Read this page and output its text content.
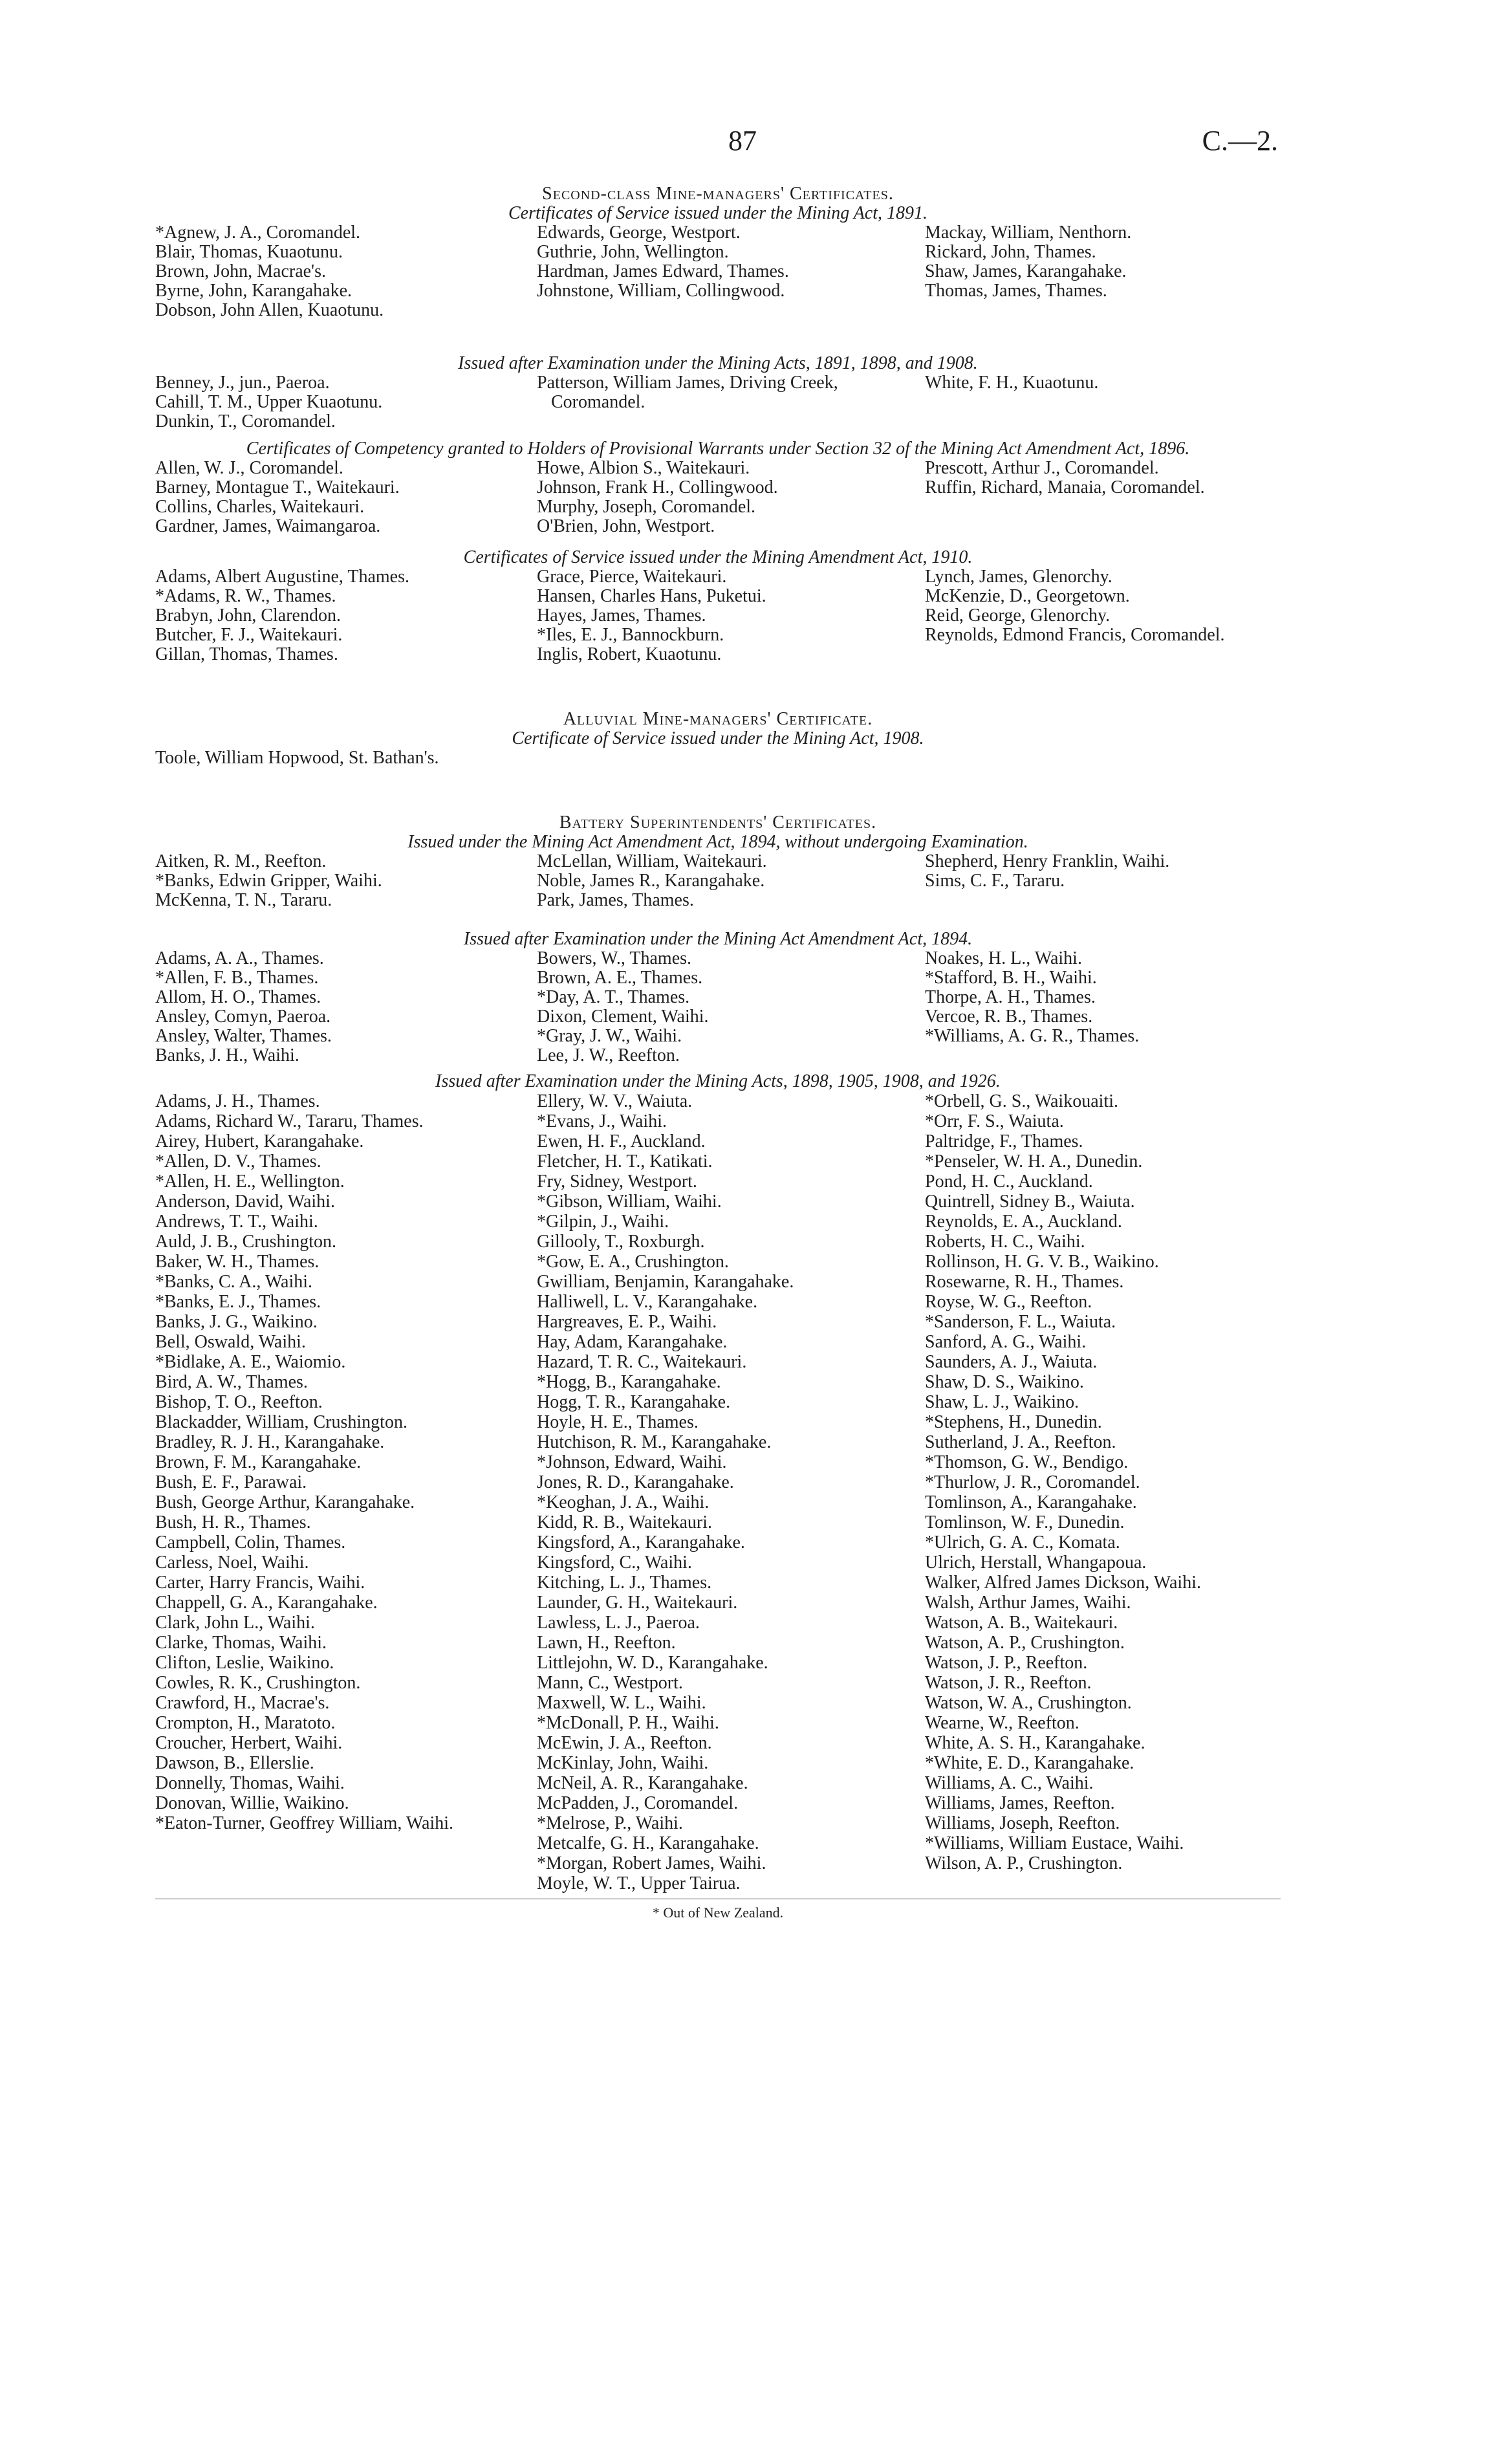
87	C.—2.
Second-class Mine-managers' Certificates.
Certificates of Service issued under the Mining Act, 1891.
*Agnew, J. A., Coromandel.
Blair, Thomas, Kuaotunu.
Brown, John, Macrae's.
Byrne, John, Karangahake.
Dobson, John Allen, Kuaotunu.
Edwards, George, Westport.
Guthrie, John, Wellington.
Hardman, James Edward, Thames.
Johnstone, William, Collingwood.
Mackay, William, Nenthorn.
Rickard, John, Thames.
Shaw, James, Karangahake.
Thomas, James, Thames.
Issued after Examination under the Mining Acts, 1891, 1898, and 1908.
Benney, J., jun., Paeroa.
Cahill, T. M., Upper Kuaotunu.
Dunkin, T., Coromandel.
Patterson, William James, Driving Creek, Coromandel.
White, F. H., Kuaotunu.
Certificates of Competency granted to Holders of Provisional Warrants under Section 32 of the Mining Act Amendment Act, 1896.
Allen, W. J., Coromandel.
Barney, Montague T., Waitekauri.
Collins, Charles, Waitekauri.
Gardner, James, Waimangaroa.
Howe, Albion S., Waitekauri.
Johnson, Frank H., Collingwood.
Murphy, Joseph, Coromandel.
O'Brien, John, Westport.
Prescott, Arthur J., Coromandel.
Ruffin, Richard, Manaia, Coromandel.
Certificates of Service issued under the Mining Amendment Act, 1910.
Adams, Albert Augustine, Thames.
*Adams, R. W., Thames.
Brabyn, John, Clarendon.
Butcher, F. J., Waitekauri.
Gillan, Thomas, Thames.
Grace, Pierce, Waitekauri.
Hansen, Charles Hans, Puketui.
Hayes, James, Thames.
*Iles, E. J., Bannockburn.
Inglis, Robert, Kuaotunu.
Lynch, James, Glenorchy.
McKenzie, D., Georgetown.
Reid, George, Glenorchy.
Reynolds, Edmond Francis, Coromandel.
Alluvial Mine-managers' Certificate.
Certificate of Service issued under the Mining Act, 1908.
Toole, William Hopwood, St. Bathan's.
Battery Superintendents' Certificates.
Issued under the Mining Act Amendment Act, 1894, without undergoing Examination.
Aitken, R. M., Reefton.
*Banks, Edwin Gripper, Waihi.
McKenna, T. N., Tararu.
McLellan, William, Waitekauri.
Noble, James R., Karangahake.
Park, James, Thames.
Shepherd, Henry Franklin, Waihi.
Sims, C. F., Tararu.
Issued after Examination under the Mining Act Amendment Act, 1894.
Adams, A. A., Thames.
*Allen, F. B., Thames.
Allom, H. O., Thames.
Ansley, Comyn, Paeroa.
Ansley, Walter, Thames.
Banks, J. H., Waihi.
Bowers, W., Thames.
Brown, A. E., Thames.
*Day, A. T., Thames.
Dixon, Clement, Waihi.
*Gray, J. W., Waihi.
Lee, J. W., Reefton.
Noakes, H. L., Waihi.
*Stafford, B. H., Waihi.
Thorpe, A. H., Thames.
Vercoe, R. B., Thames.
*Williams, A. G. R., Thames.
Issued after Examination under the Mining Acts, 1898, 1905, 1908, and 1926.
Adams, J. H., Thames.
Adams, Richard W., Tararu, Thames.
Airey, Hubert, Karangahake.
*Allen, D. V., Thames.
*Allen, H. E., Wellington.
Anderson, David, Waihi.
Andrews, T. T., Waihi.
Auld, J. B., Crushington.
Baker, W. H., Thames.
*Banks, C. A., Waihi.
*Banks, E. J., Thames.
Banks, J. G., Waikino.
Bell, Oswald, Waihi.
*Bidlake, A. E., Waiomio.
Bird, A. W., Thames.
Bishop, T. O., Reefton.
Blackadder, William, Crushington.
Bradley, R. J. H., Karangahake.
Brown, F. M., Karangahake.
Bush, E. F., Parawai.
Bush, George Arthur, Karangahake.
Bush, H. R., Thames.
Campbell, Colin, Thames.
Carless, Noel, Waihi.
Carter, Harry Francis, Waihi.
Chappell, G. A., Karangahake.
Clark, John L., Waihi.
Clarke, Thomas, Waihi.
Clifton, Leslie, Waikino.
Cowles, R. K., Crushington.
Crawford, H., Macrae's.
Crompton, H., Maratoto.
Croucher, Herbert, Waihi.
Dawson, B., Ellerslie.
Donnelly, Thomas, Waihi.
Donovan, Willie, Waikino.
*Eaton-Turner, Geoffrey William, Waihi.
Ellery, W. V., Waiuta.
*Evans, J., Waihi.
Ewen, H. F., Auckland.
Fletcher, H. T., Katikati.
Fry, Sidney, Westport.
*Gibson, William, Waihi.
*Gilpin, J., Waihi.
Gillooly, T., Roxburgh.
*Gow, E. A., Crushington.
Gwilliam, Benjamin, Karangahake.
Halliwell, L. V., Karangahake.
Hargreaves, E. P., Waihi.
Hay, Adam, Karangahake.
Hazard, T. R. C., Waitekauri.
*Hogg, B., Karangahake.
Hogg, T. R., Karangahake.
Hoyle, H. E., Thames.
Hutchison, R. M., Karangahake.
*Johnson, Edward, Waihi.
Jones, R. D., Karangahake.
*Keoghan, J. A., Waihi.
Kidd, R. B., Waitekauri.
Kingsford, A., Karangahake.
Kingsford, C., Waihi.
Kitching, L. J., Thames.
Launder, G. H., Waitekauri.
Lawless, L. J., Paeroa.
Lawn, H., Reefton.
Littlejohn, W. D., Karangahake.
Mann, C., Westport.
Maxwell, W. L., Waihi.
*McDonall, P. H., Waihi.
McEwin, J. A., Reefton.
McKinlay, John, Waihi.
McNeil, A. R., Karangahake.
McPadden, J., Coromandel.
*Melrose, P., Waihi.
Metcalfe, G. H., Karangahake.
*Morgan, Robert James, Waihi.
Moyle, W. T., Upper Tairua.
*Orbell, G. S., Waikouaiti.
*Orr, F. S., Waiuta.
Paltridge, F., Thames.
*Penseler, W. H. A., Dunedin.
Pond, H. C., Auckland.
Quintrell, Sidney B., Waiuta.
Reynolds, E. A., Auckland.
Roberts, H. C., Waihi.
Rollinson, H. G. V. B., Waikino.
Rosewarne, R. H., Thames.
Royse, W. G., Reefton.
*Sanderson, F. L., Waiuta.
Sanford, A. G., Waihi.
Saunders, A. J., Waiuta.
Shaw, D. S., Waikino.
Shaw, L. J., Waikino.
*Stephens, H., Dunedin.
Sutherland, J. A., Reefton.
*Thomson, G. W., Bendigo.
*Thurlow, J. R., Coromandel.
Tomlinson, A., Karangahake.
Tomlinson, W. F., Dunedin.
*Ulrich, G. A. C., Komata.
Ulrich, Herstall, Whangapoua.
Walker, Alfred James Dickson, Waihi.
Walsh, Arthur James, Waihi.
Watson, A. B., Waitekauri.
Watson, A. P., Crushington.
Watson, J. P., Reefton.
Watson, J. R., Reefton.
Watson, W. A., Crushington.
Wearne, W., Reefton.
White, A. S. H., Karangahake.
*White, E. D., Karangahake.
Williams, A. C., Waihi.
Williams, James, Reefton.
Williams, Joseph, Reefton.
*Williams, William Eustace, Waihi.
Wilson, A. P., Crushington.
* Out of New Zealand.
